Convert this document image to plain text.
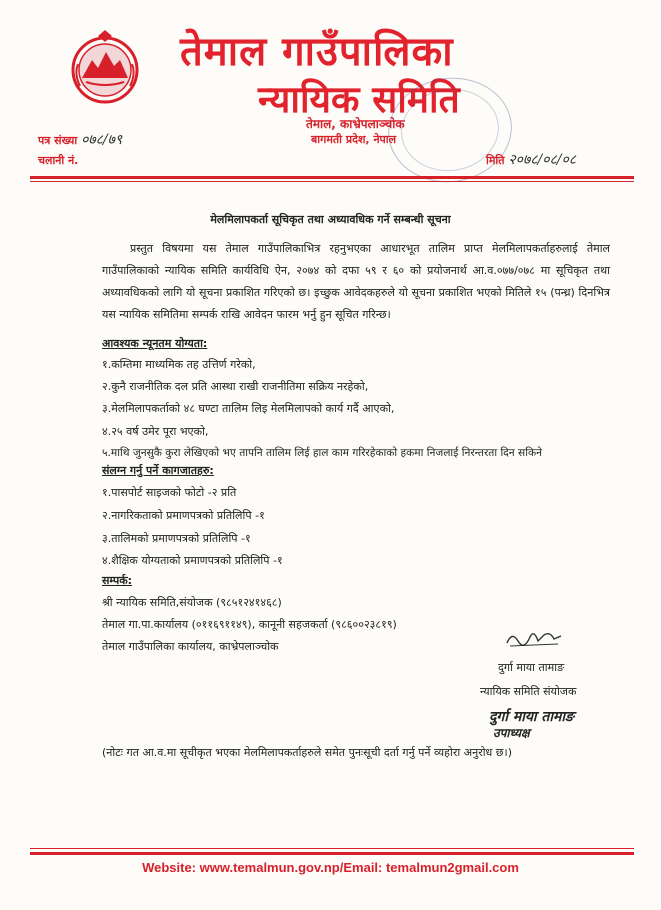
तेमाल गाउँपालिका
न्यायिक समिति
तेमाल, काभ्रेपलाञ्चोक
बागमती प्रदेश, नेपाल
पत्र संख्या ०७८/७९
चलानी नं.	मिति २०७८/०८/०८
मेलमिलापकर्ता सूचिकृत तथा अध्यावधिक गर्ने सम्बन्धी सूचना
प्रस्तुत विषयमा यस तेमाल गाउँपालिकाभित्र रहनुभएका आधारभूत तालिम प्राप्त मेलमिलापकर्ताहरुलाई तेमाल गाउँपालिकाको न्यायिक समिति कार्यविधि ऐन, २०७४ को दफा ५९ र ६० को प्रयोजनार्थ आ.व.०७७/०७८ मा सूचिकृत तथा अध्यावधिकको लागि यो सूचना प्रकाशित गरिएको छ। इच्छुक आवेदकहरुले यो सूचना प्रकाशित भएको मितिले १५ (पन्ध्र) दिनभित्र यस न्यायिक समितिमा सम्पर्क राखि आवेदन फारम भर्नु हुन सूचित गरिन्छ।
आवश्यक न्यूनतम योग्यता:
१.कम्तिमा माध्यमिक तह उत्तिर्ण गरेको,
२.कुनै राजनीतिक दल प्रति आस्था राखी राजनीतिमा सक्रिय नरहेको,
३.मेलमिलापकर्ताको ४८ घण्टा तालिम लिइ मेलमिलापको कार्य गर्दै आएको,
४.२५ वर्ष उमेर पूरा भएको,
५.माथि जुनसुकै कुरा लेखिएको भए तापनि तालिम लिई हाल काम गरिरहेकाको हकमा निजलाई निरन्तरता दिन सकिने
संलग्न गर्नु पर्ने कागजातहरु:
१.पासपोर्ट साइजको फोटो -२ प्रति
२.नागरिकताको प्रमाणपत्रको प्रतिलिपि -१
३.तालिमको प्रमाणपत्रको प्रतिलिपि -१
४.शैक्षिक योग्यताको प्रमाणपत्रको प्रतिलिपि -१
सम्पर्क:
श्री न्यायिक समिति,संयोजक (९८५१२४१४६८)
तेमाल गा.पा.कार्यालय (०११६९११४९), कानूनी सहजकर्ता (९८६००२३८१९)
तेमाल गाउँपालिका कार्यालय, काभ्रेपलाञ्चोक
दुर्गा माया तामाङ
न्यायिक समिति संयोजक
दुर्गा माया तामाङ
उपाध्यक्ष
(नोटः गत आ.व.मा सूचीकृत भएका मेलमिलापकर्ताहरुले समेत पुनःसूची दर्ता गर्नु पर्ने व्यहोरा अनुरोध छ।)
Website: www.temalmun.gov.np/Email: temalmun2gmail.com
